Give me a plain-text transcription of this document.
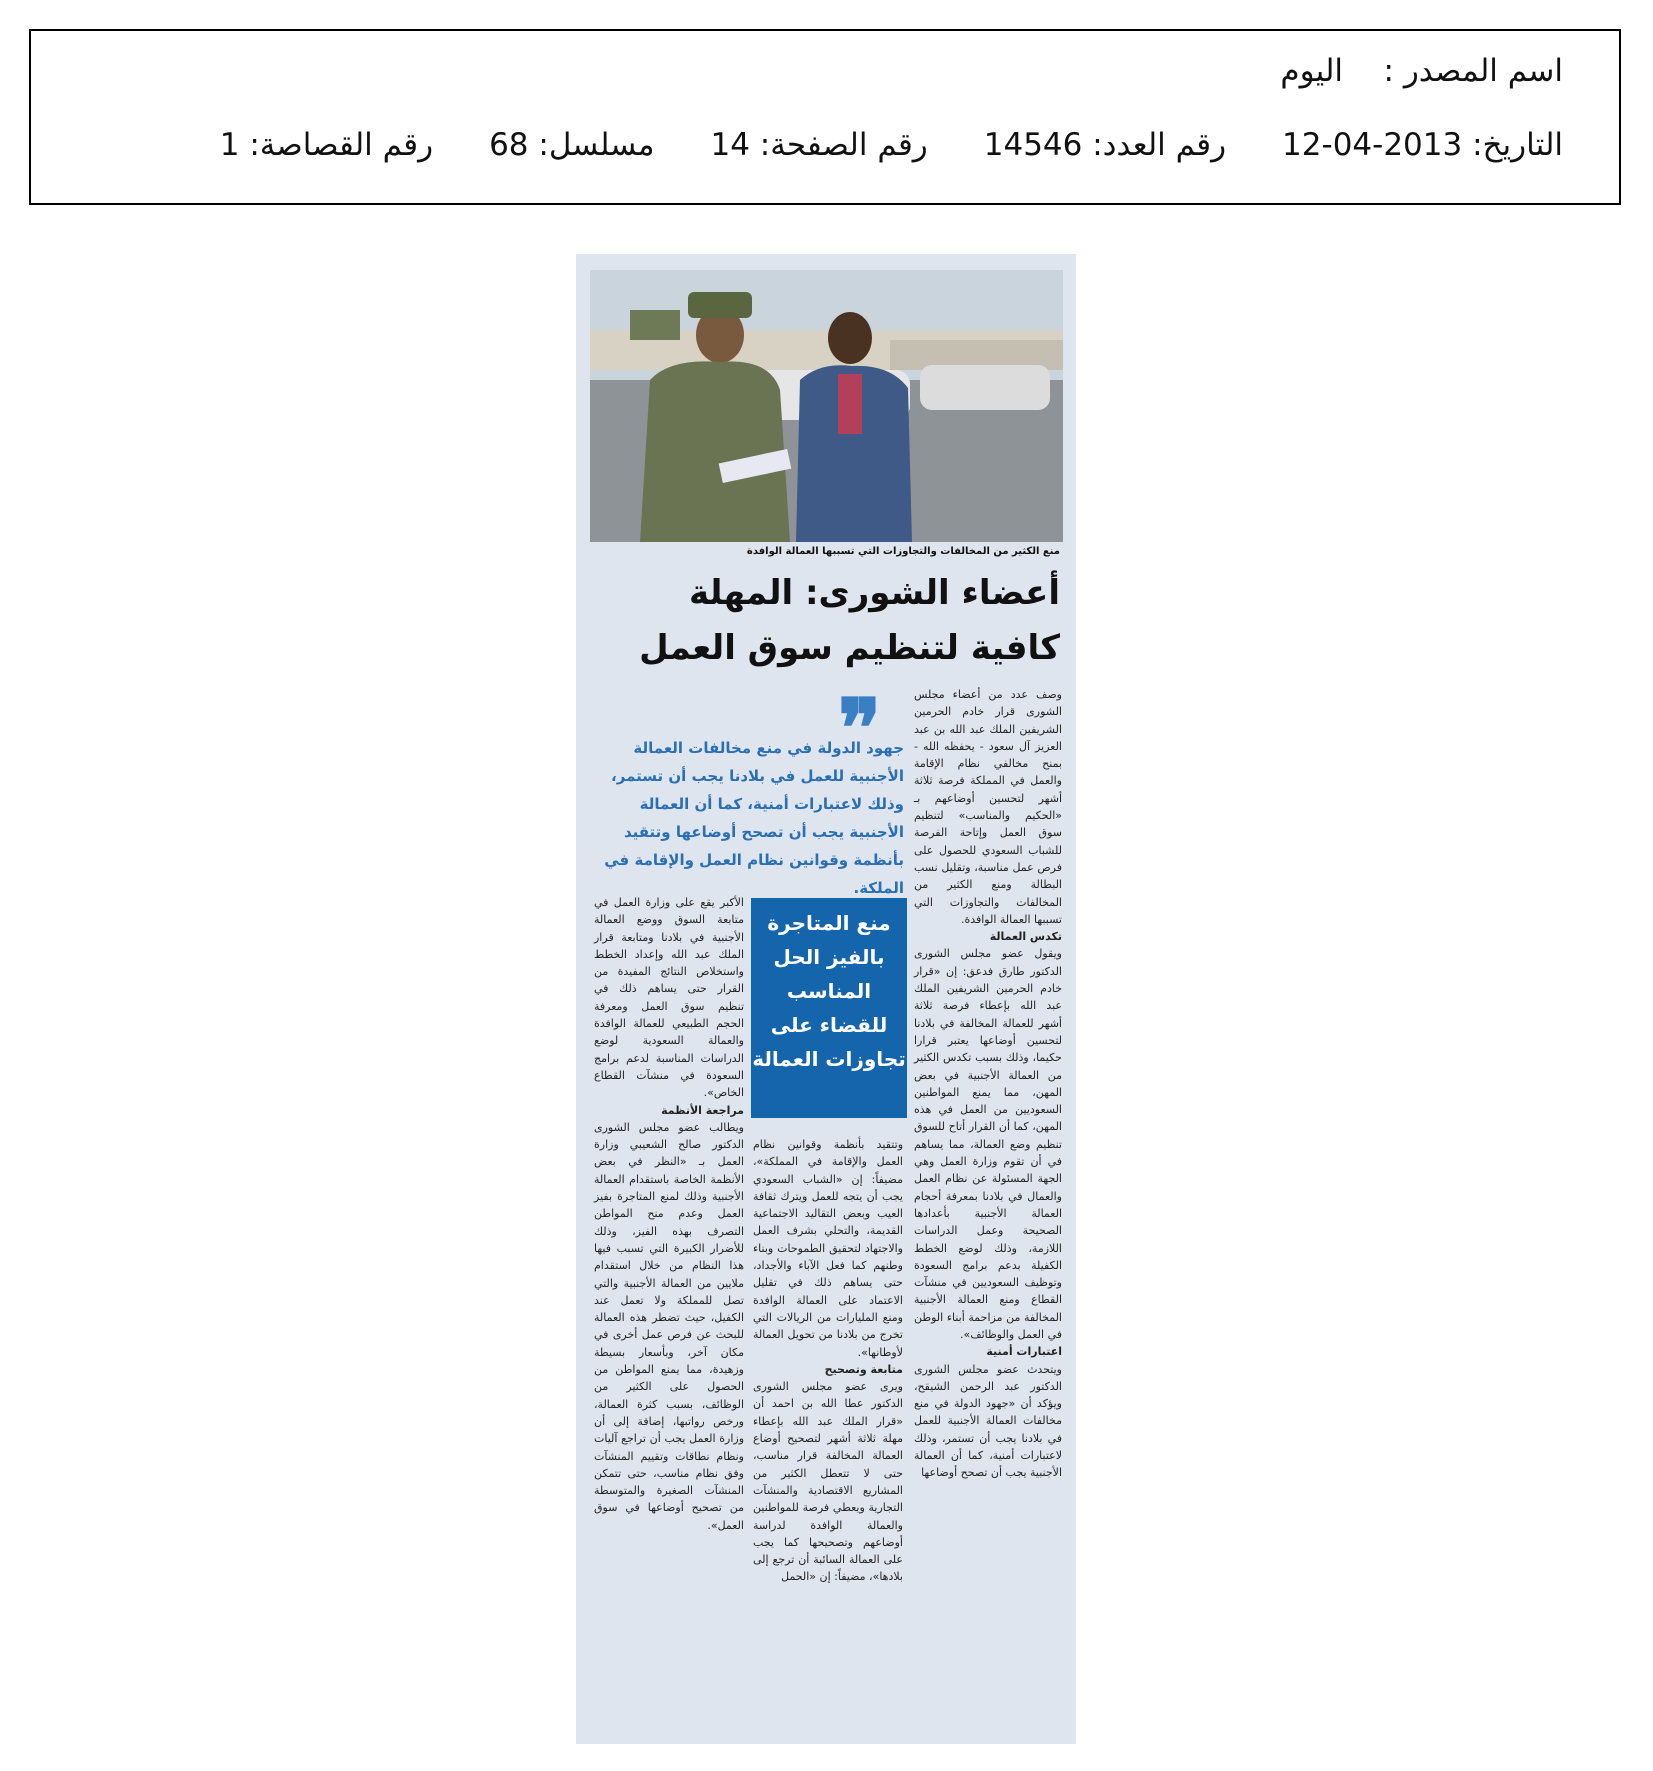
اسم المصدر :
اليوم
التاريخ: 2013-04-12
رقم العدد: 14546
رقم الصفحة: 14
مسلسل: 68
رقم القصاصة: 1
منع الكثير من المخالفات والتجاوزات التي تسببها العمالة الوافدة
أعضاء الشورى: المهلة كافية لتنظيم سوق العمل
وصف عدد من أعضاء مجلس الشورى قرار خادم الحرمين الشريفين الملك عبد الله بن عبد العزيز آل سعود - يحفظه الله - بمنح مخالفي نظام الإقامة والعمل في المملكة فرصة ثلاثة أشهر لتحسين أوضاعهم بـ «الحكيم والمناسب» لتنظيم سوق العمل وإتاحة الفرصة للشباب السعودي للحصول على فرص عمل مناسبة، وتقليل نسب البطالة ومنع الكثير من المخالفات والتجاوزات التي تسببها العمالة الوافدة.
تكدس العمالة
ويقول عضو مجلس الشورى الدكتور طارق فدعق: إن «قرار خادم الحرمين الشريفين الملك عبد الله بإعطاء فرصة ثلاثة أشهر للعمالة المخالفة في بلادنا لتحسين أوضاعها يعتبر قرارا حكيما، وذلك بسبب تكدس الكثير من العمالة الأجنبية في بعض المهن، مما يمنع المواطنين السعوديين من العمل في هذه المهن، كما أن القرار أتاح للسوق تنظيم وضع العمالة، مما يساهم في أن تقوم وزارة العمل وهي الجهة المسئولة عن نظام العمل والعمال في بلادنا بمعرفة أحجام العمالة الأجنبية بأعدادها الصحيحة وعمل الدراسات اللازمة، وذلك لوضع الخطط الكفيلة بدعم برامج السعودة وتوظيف السعوديين في منشآت القطاع ومنع العمالة الأجنبية المخالفة من مزاحمة أبناء الوطن في العمل والوظائف».
اعتبارات أمنية
ويتحدث عضو مجلس الشورى الدكتور عبد الرحمن الشيقح، ويؤكد أن «جهود الدولة في منع مخالفات العمالة الأجنبية للعمل في بلادنا يجب أن تستمر، وذلك لاعتبارات أمنية، كما أن العمالة الأجنبية يجب أن تصحح أوضاعها
❞
جهود الدولة في منع مخالفات العمالة الأجنبية للعمل في بلادنا يجب أن تستمر، وذلك لاعتبارات أمنية، كما أن العمالة الأجنبية يجب أن تصحح أوضاعها وتتقيد بأنظمة وقوانين نظام العمل والإقامة في الملكة.
منع المتاجرة بالفيز الحل المناسب للقضاء على تجاوزات العمالة
وتتقيد بأنظمة وقوانين نظام العمل والإقامة في المملكة»، مضيفاً: إن «الشباب السعودي يجب أن يتجه للعمل ويترك ثقافة العيب وبعض التقاليد الاجتماعية القديمة، والتحلي بشرف العمل والاجتهاد لتحقيق الطموحات وبناء وطنهم كما فعل الآباء والأجداد، حتى يساهم ذلك في تقليل الاعتماد على العمالة الوافدة ومنع المليارات من الريالات التي تخرج من بلادنا من تحويل العمالة لأوطانها».
متابعة وتصحيح
ويرى عضو مجلس الشورى الدكتور عطا الله بن احمد أن «قرار الملك عبد الله بإعطاء مهلة ثلاثة أشهر لتصحيح أوضاع العمالة المخالفة قرار مناسب، حتى لا تتعطل الكثير من المشاريع الاقتصادية والمنشآت التجارية ويعطي فرصة للمواطنين والعمالة الوافدة لدراسة أوضاعهم وتصحيحها كما يجب على العمالة السائبة أن ترجع إلى بلادها»، مضيفاً: إن «الحمل
الأكبر يقع على وزارة العمل في متابعة السوق ووضع العمالة الأجنبية في بلادنا ومتابعة قرار الملك عبد الله وإعداد الخطط واستخلاص النتائج المفيدة من القرار حتى يساهم ذلك في تنظيم سوق العمل ومعرفة الحجم الطبيعي للعمالة الوافدة والعمالة السعودية لوضع الدراسات المناسبة لدعم برامج السعودة في منشآت القطاع الخاص».
مراجعة الأنظمة
ويطالب عضو مجلس الشورى الدكتور صالح الشعيبي وزارة العمل بـ «النظر في بعض الأنظمة الخاصة باستقدام العمالة الأجنبية وذلك لمنع المتاجرة بفيز العمل وعدم منح المواطن التصرف بهذه الفيز، وذلك للأضرار الكبيرة التي تسبب فيها هذا النظام من خلال استقدام ملايين من العمالة الأجنبية والتي تصل للمملكة ولا تعمل عند الكفيل، حيث تضطر هذه العمالة للبحث عن فرص عمل أخرى في مكان آخر، وبأسعار بسيطة وزهيدة، مما يمنع المواطن من الحصول على الكثير من الوظائف، بسبب كثرة العمالة، ورخص رواتبها، إضافة إلى أن وزارة العمل يجب أن تراجع آليات ونظام نطاقات وتقييم المنشآت وفق نظام مناسب، حتى تتمكن المنشآت الصغيرة والمتوسطة من تصحيح أوضاعها في سوق العمل».
